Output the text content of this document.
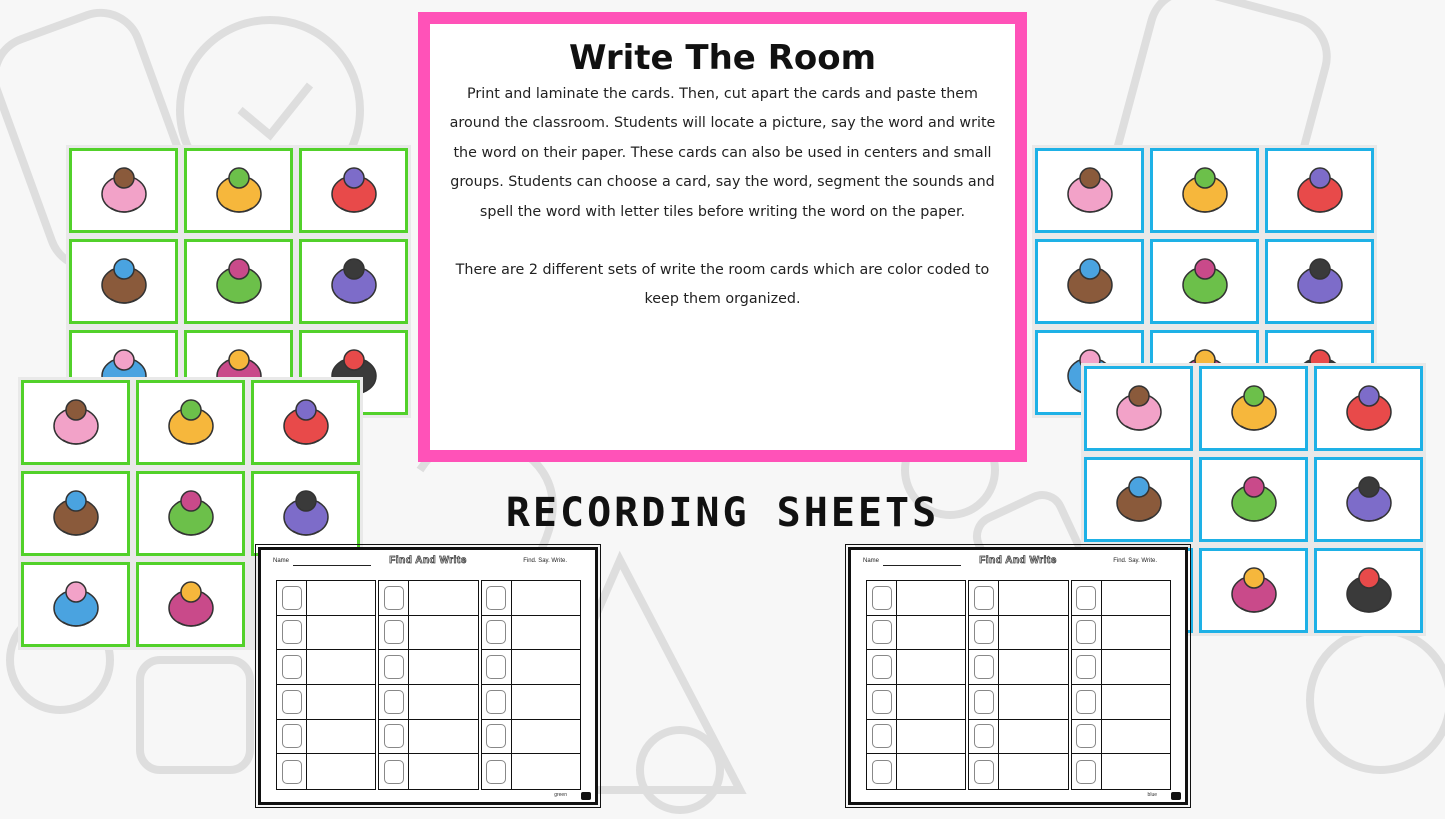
Write The Room

Print and laminate the cards. Then, cut apart the cards and paste them around the classroom. Students will locate a picture, say the word and write the word on their paper. These cards can also be used in centers and small groups. Students can choose a card, say the word, segment the sounds and spell the word with letter tiles before writing the word on the paper.

There are 2 different sets of write the room cards which are color coded to keep them organized.

RECORDING SHEETS
Name	Find And Write	Find. Say. Write.
green
Name	Find And Write	Find. Say. Write.
blue
